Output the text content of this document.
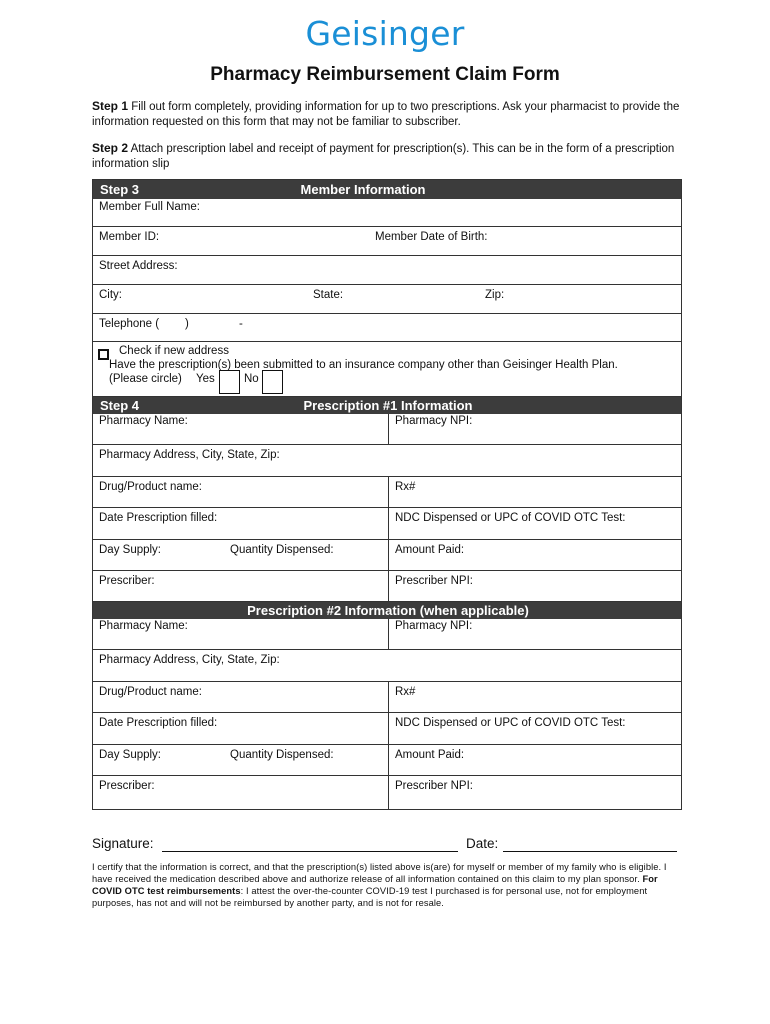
Geisinger
Pharmacy Reimbursement Claim Form
Step 1 Fill out form completely, providing information for up to two prescriptions. Ask your pharmacist to provide the information requested on this form that may not be familiar to subscriber.
Step 2 Attach prescription label and receipt of payment for prescription(s). This can be in the form of a prescription information slip
Step 3	Member Information
Member Full Name:
Member ID:	Member Date of Birth:
Street Address:
City:	State:	Zip:
Telephone ( )	-
Check if new address
Have the prescription(s) been submitted to an insurance company other than Geisinger Health Plan.
(Please circle) Yes	No
Step 4	Prescription #1 Information
Pharmacy Name:	Pharmacy NPI:
Pharmacy Address, City, State, Zip:
Drug/Product name:	Rx#
Date Prescription filled:	NDC Dispensed or UPC of COVID OTC Test:
Day Supply:	Quantity Dispensed:	Amount Paid:
Prescriber:	Prescriber NPI:
Prescription #2 Information (when applicable)
Pharmacy Name:	Pharmacy NPI:
Pharmacy Address, City, State, Zip:
Drug/Product name:	Rx#
Date Prescription filled:	NDC Dispensed or UPC of COVID OTC Test:
Day Supply:	Quantity Dispensed:	Amount Paid:
Prescriber:	Prescriber NPI:
Signature:	Date:
I certify that the information is correct, and that the prescription(s) listed above is(are) for myself or member of my family who is eligible. I have received the medication described above and authorize release of all information contained on this claim to my plan sponsor. For COVID OTC test reimbursements: I attest the over-the-counter COVID-19 test I purchased is for personal use, not for employment purposes, has not and will not be reimbursed by another party, and is not for resale.
